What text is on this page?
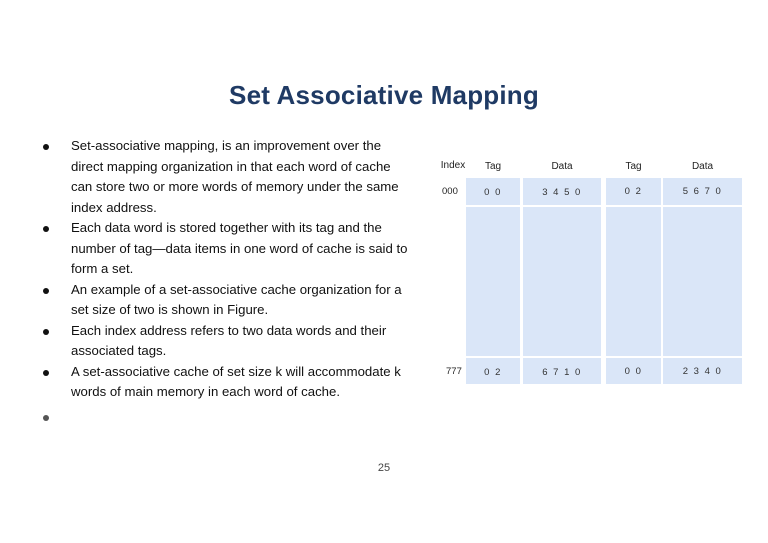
Set Associative Mapping
Set-associative mapping, is an improvement over the direct mapping organization in that each word of cache can store two or more words of memory under the same index address.
Each data word is stored together with its tag and the number of tag—data items in one word of cache is said to form a set.
An example of a set-associative cache organization for a set size of two is shown in Figure.
Each index address refers to two data words and their associated tags.
A set-associative cache of set size k will accommodate k words of main memory in each word of cache.
Index	Tag	Data	Tag	Data
000	0 0	3 4 5 0	0 2	5 6 7 0
777	0 2	6 7 1 0	0 0	2 3 4 0
25
